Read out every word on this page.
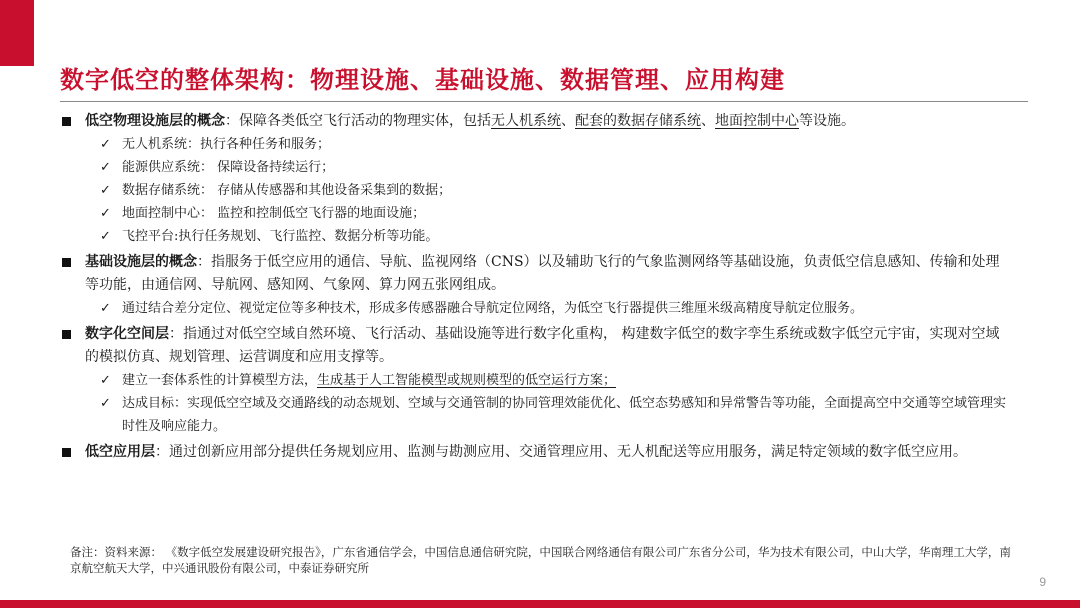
数字低空的整体架构：物理设施、基础设施、数据管理、应用构建
低空物理设施层的概念：保障各类低空飞行活动的物理实体，包括无人机系统、配套的数据存储系统、地面控制中心等设施。
✓ 无人机系统：执行各种任务和服务；
✓ 能源供应系统： 保障设备持续运行；
✓ 数据存储系统： 存储从传感器和其他设备采集到的数据；
✓ 地面控制中心： 监控和控制低空飞行器的地面设施；
✓ 飞控平台:执行任务规划、飞行监控、数据分析等功能。
基础设施层的概念：指服务于低空应用的通信、导航、监视网络（CNS）以及辅助飞行的气象监测网络等基础设施，负责低空信息感知、传输和处理等功能，由通信网、导航网、感知网、气象网、算力网五张网组成。
✓ 通过结合差分定位、视觉定位等多种技术，形成多传感器融合导航定位网络，为低空飞行器提供三维厘米级高精度导航定位服务。
数字化空间层：指通过对低空空域自然环境、飞行活动、基础设施等进行数字化重构， 构建数字低空的数字孪生系统或数字低空元宇宙，实现对空域的模拟仿真、规划管理、运营调度和应用支撑等。
✓ 建立一套体系性的计算模型方法，生成基于人工智能模型或规则模型的低空运行方案；
✓ 达成目标：实现低空空域及交通路线的动态规划、空域与交通管制的协同管理效能优化、低空态势感知和异常警告等功能，全面提高空中交通等空域管理实时性及响应能力。
低空应用层：通过创新应用部分提供任务规划应用、监测与勘测应用、交通管理应用、无人机配送等应用服务，满足特定领域的数字低空应用。
备注：资料来源： 《数字低空发展建设研究报告》，广东省通信学会，中国信息通信研究院，中国联合网络通信有限公司广东省分公司，华为技术有限公司，中山大学，华南理工大学，南京航空航天大学，中兴通讯股份有限公司，中泰证券研究所
9
